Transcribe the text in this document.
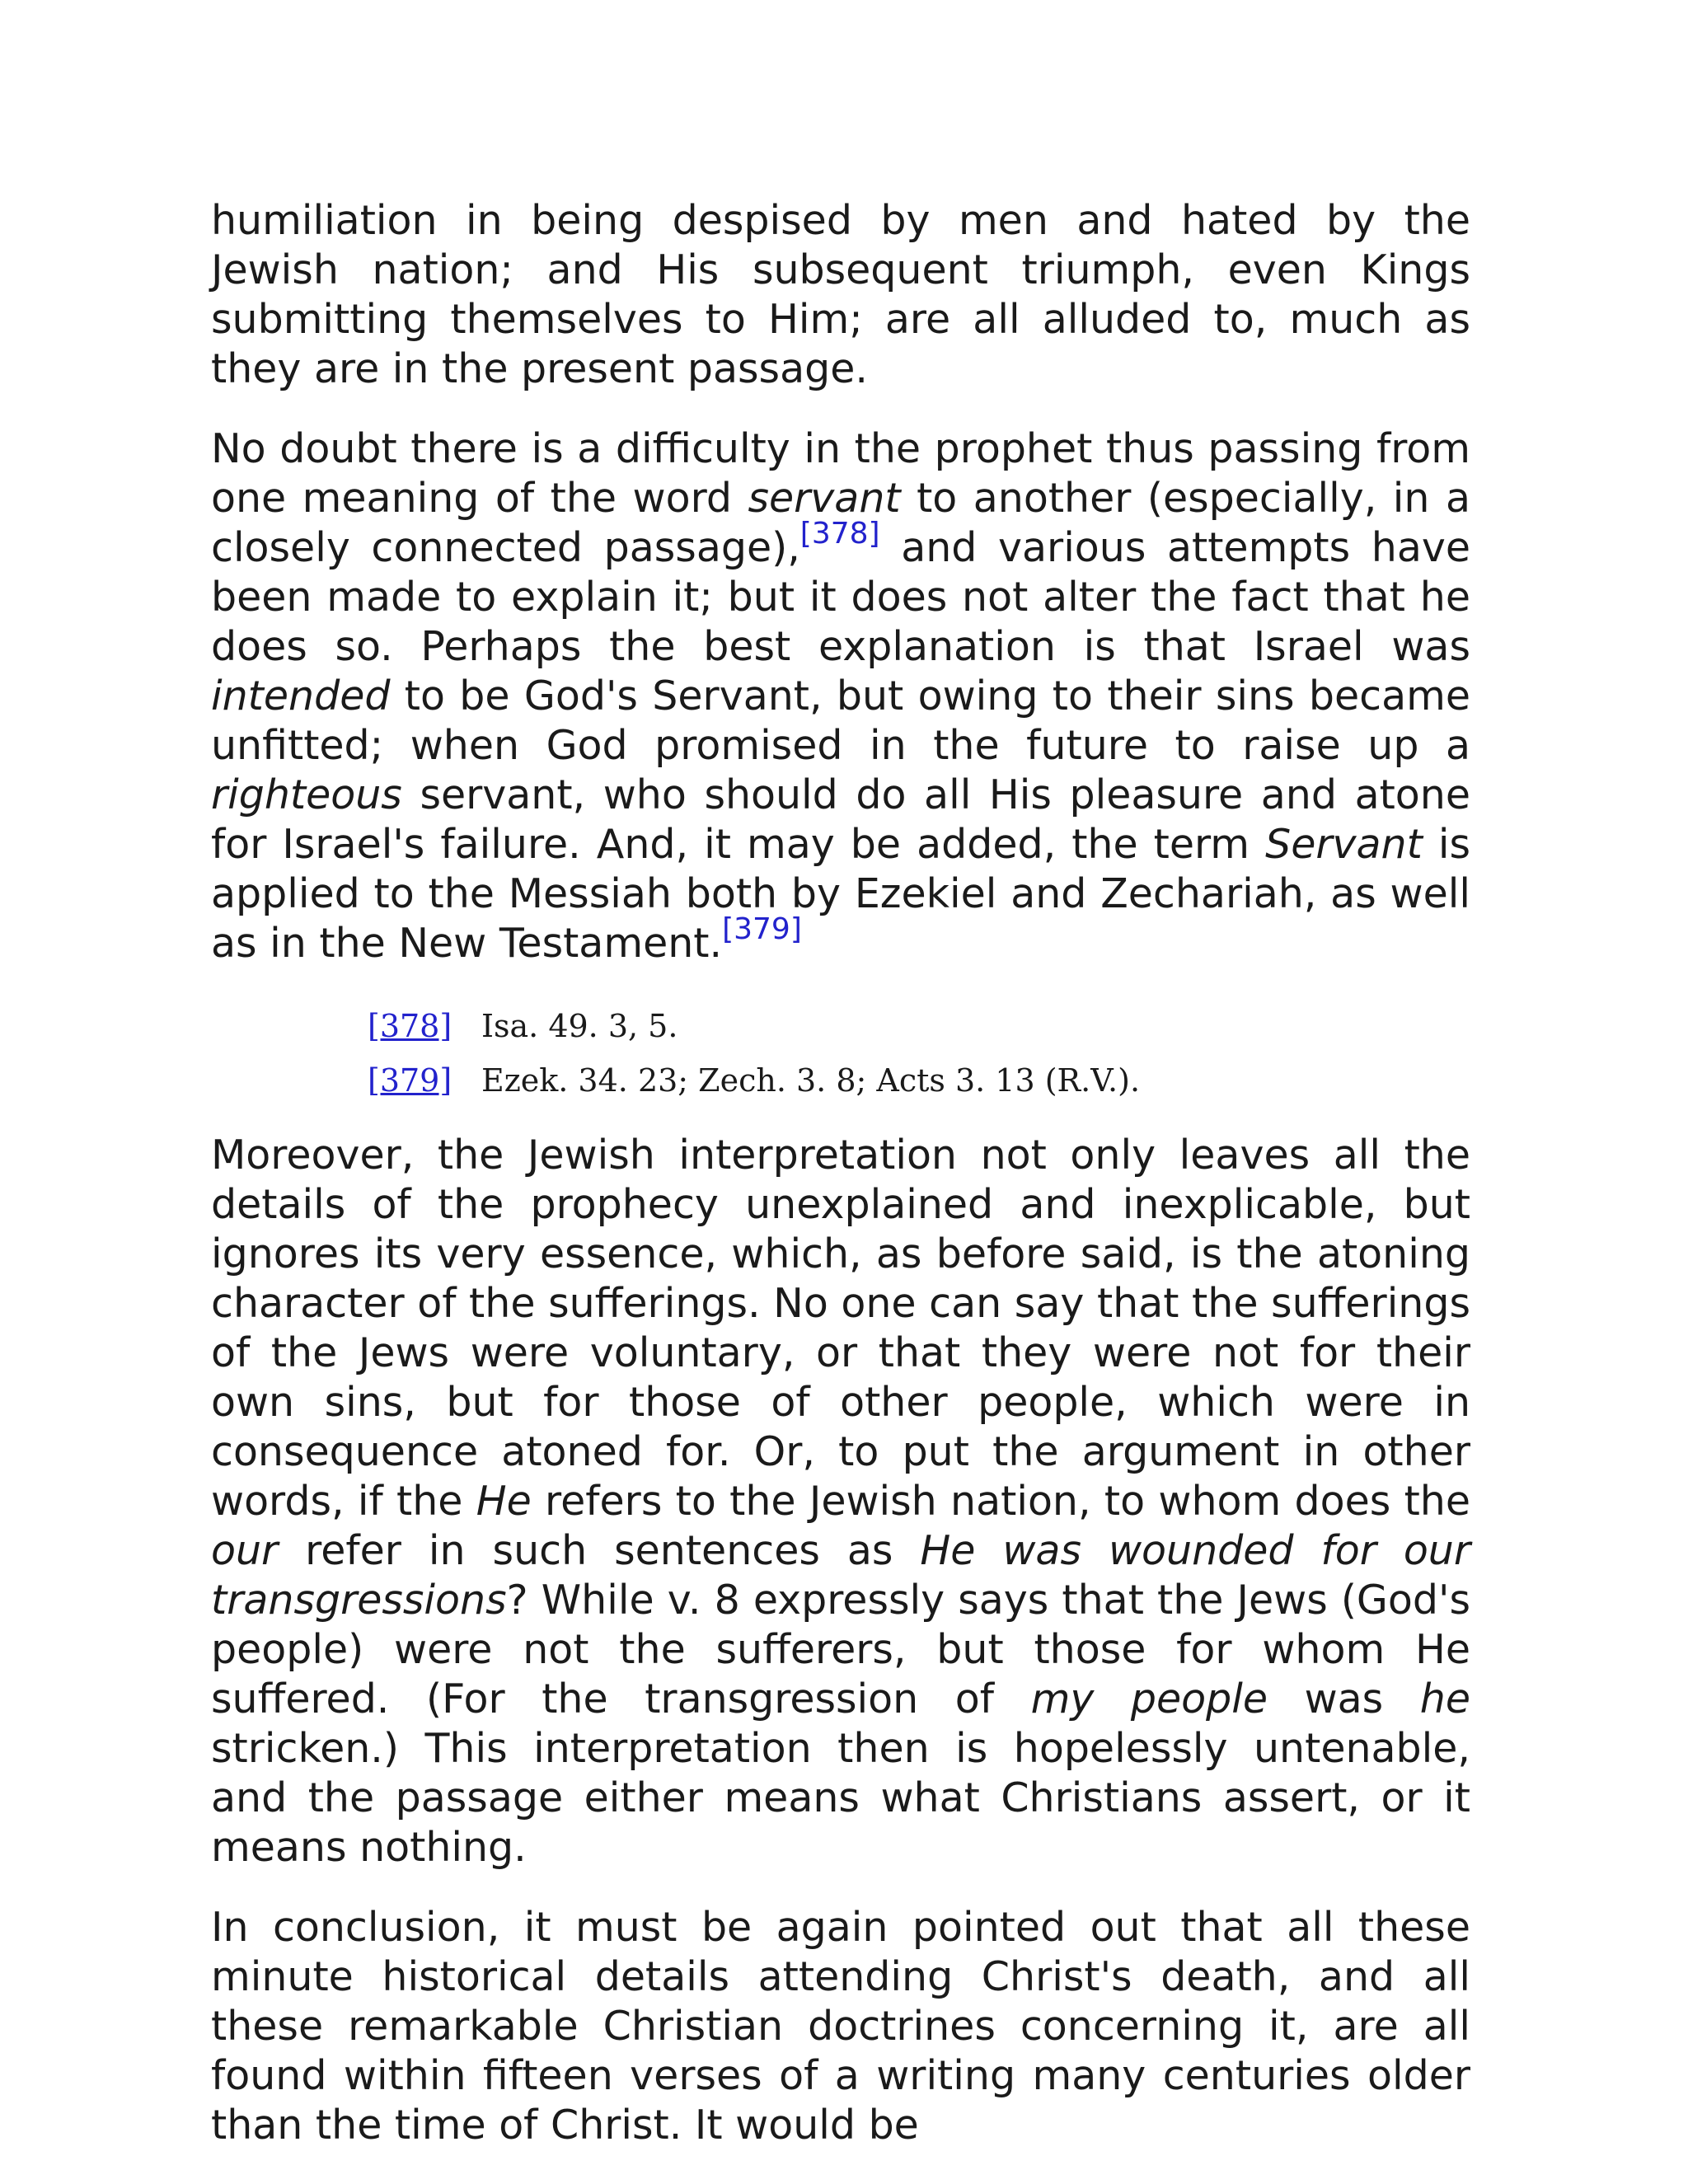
humiliation in being despised by men and hated by the Jewish nation; and His subsequent triumph, even Kings submitting themselves to Him; are all alluded to, much as they are in the present passage.

No doubt there is a difficulty in the prophet thus passing from one meaning of the word servant to another (especially, in a closely connected passage),[378] and various attempts have been made to explain it; but it does not alter the fact that he does so. Perhaps the best explanation is that Israel was intended to be God's Servant, but owing to their sins became unfitted; when God promised in the future to raise up a righteous servant, who should do all His pleasure and atone for Israel's failure. And, it may be added, the term Servant is applied to the Messiah both by Ezekiel and Zechariah, as well as in the New Testament.[379]

[378] Isa. 49. 3, 5.
[379] Ezek. 34. 23; Zech. 3. 8; Acts 3. 13 (R.V.).

Moreover, the Jewish interpretation not only leaves all the details of the prophecy unexplained and inexplicable, but ignores its very essence, which, as before said, is the atoning character of the sufferings. No one can say that the sufferings of the Jews were voluntary, or that they were not for their own sins, but for those of other people, which were in consequence atoned for. Or, to put the argument in other words, if the He refers to the Jewish nation, to whom does the our refer in such sentences as He was wounded for our transgressions? While v. 8 expressly says that the Jews (God's people) were not the sufferers, but those for whom He suffered. (For the transgression of my people was he stricken.) This interpretation then is hopelessly untenable, and the passage either means what Christians assert, or it means nothing.

In conclusion, it must be again pointed out that all these minute historical details attending Christ's death, and all these remarkable Christian doctrines concerning it, are all found within fifteen verses of a writing many centuries older than the time of Christ. It would be
